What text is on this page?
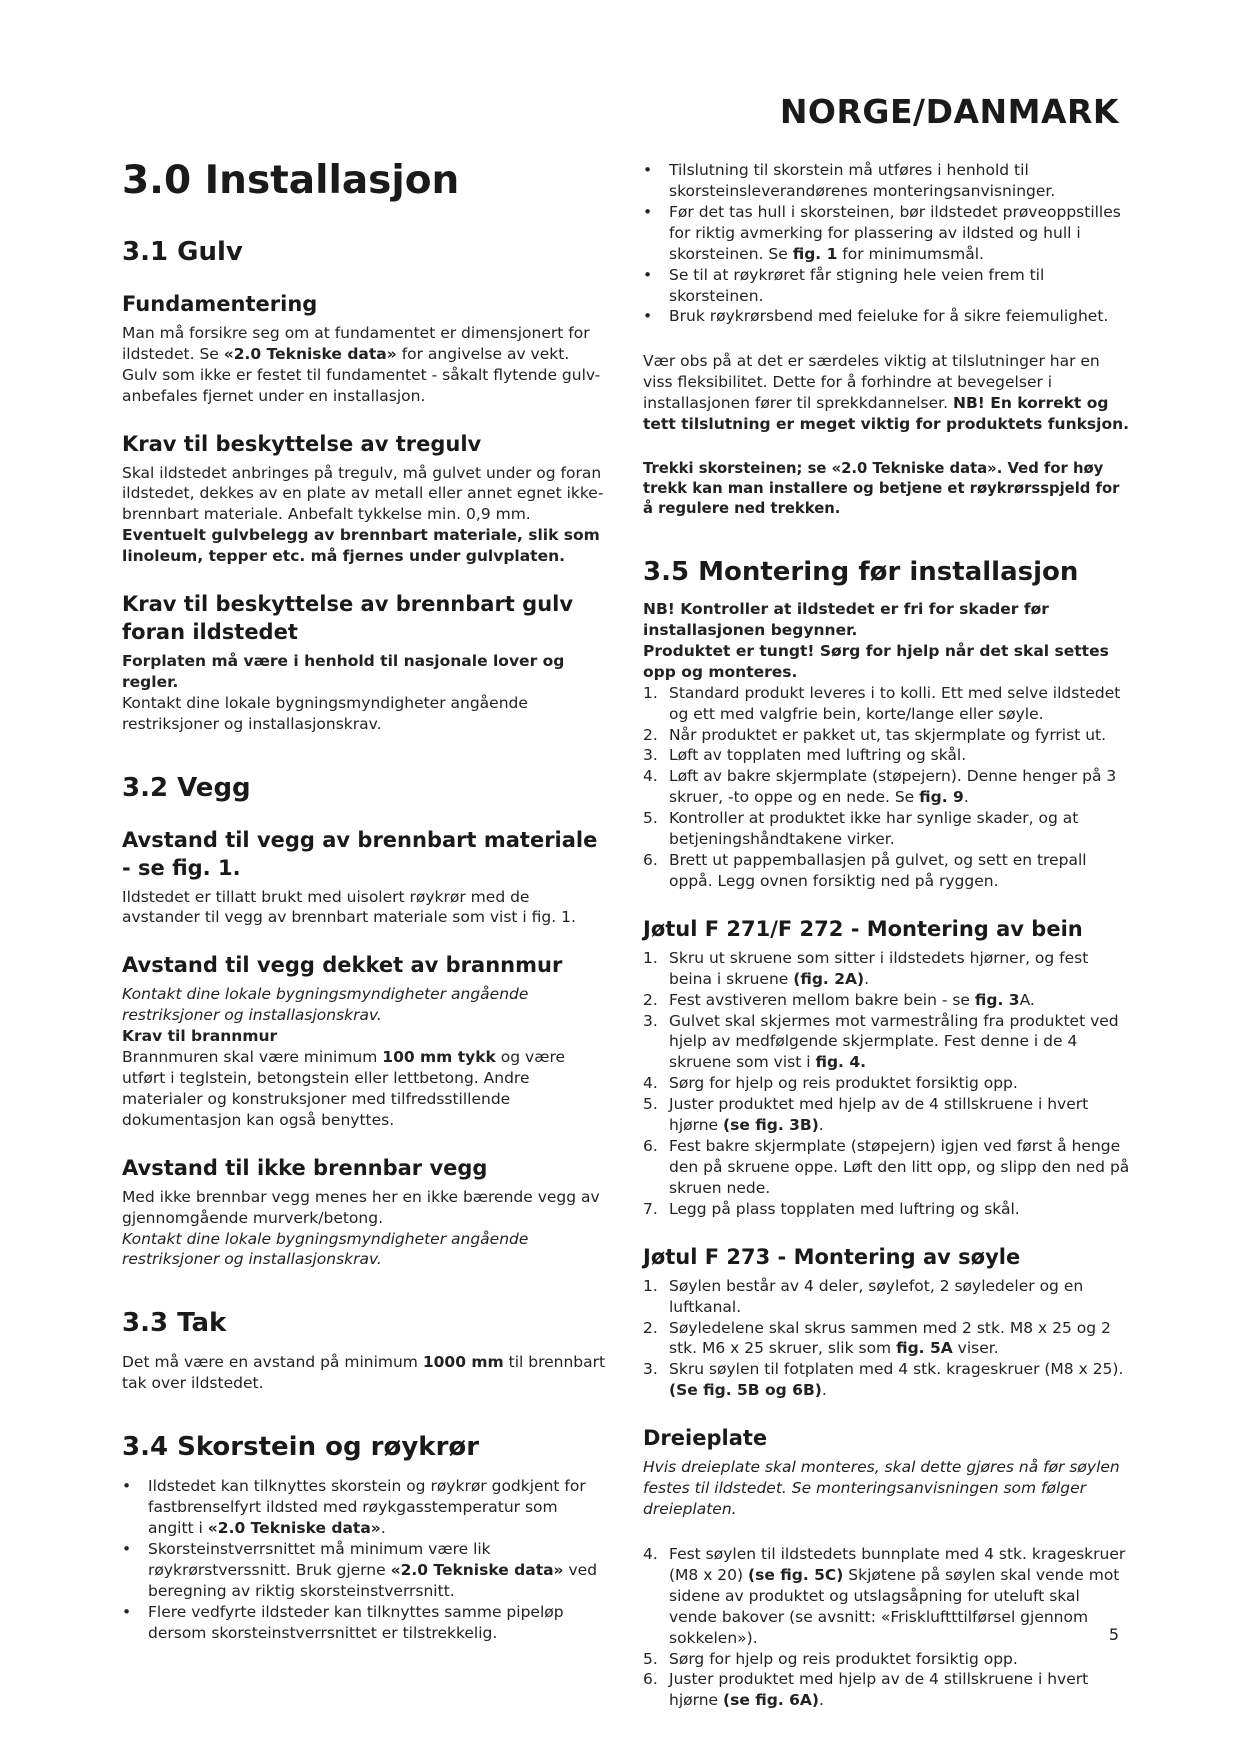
NORGE/DANMARK
3.0 Installasjon
3.1 Gulv
Fundamentering

Man må forsikre seg om at fundamentet er dimensjonert for ildstedet. Se «2.0 Tekniske data» for angivelse av vekt. Gulv som ikke er festet til fundamentet - såkalt flytende gulv- anbefales fjernet under en installasjon.

Krav til beskyttelse av tregulv

Skal ildstedet anbringes på tregulv, må gulvet under og foran ildstedet, dekkes av en plate av metall eller annet egnet ikke-brennbart materiale. Anbefalt tykkelse min. 0,9 mm.

Eventuelt gulvbelegg av brennbart materiale, slik som linoleum, tepper etc. må fjernes under gulvplaten.

Krav til beskyttelse av brennbart gulv foran ildstedet

Forplaten må være i henhold til nasjonale lover og regler.

Kontakt dine lokale bygningsmyndigheter angående restriksjoner og installasjonskrav.

3.2 Vegg
Avstand til vegg av brennbart materiale - se fig. 1.

Ildstedet er tillatt brukt med uisolert røykrør med de avstander til vegg av brennbart materiale som vist i fig. 1.

Avstand til vegg dekket av brannmur

Kontakt dine lokale bygningsmyndigheter angående restriksjoner og installasjonskrav.

Krav til brannmur

Brannmuren skal være minimum 100 mm tykk og være utført i teglstein, betongstein eller lettbetong. Andre materialer og konstruksjoner med tilfredsstillende dokumentasjon kan også benyttes.

Avstand til ikke brennbar vegg

Med ikke brennbar vegg menes her en ikke bærende vegg av gjennomgående murverk/betong.

Kontakt dine lokale bygningsmyndigheter angående restriksjoner og installasjonskrav.

3.3 Tak

Det må være en avstand på minimum 1000 mm til brennbart tak over ildstedet.

3.4 Skorstein og røykrør
•	Ildstedet kan tilknyttes skorstein og røykrør godkjent for fastbrenselfyrt ildsted med røykgasstemperatur som angitt i «2.0 Tekniske data».
•	Skorsteinstverrsnittet må minimum være lik røykrørstverssnitt. Bruk gjerne «2.0 Tekniske data» ved beregning av riktig skorsteinstverrsnitt.
•	Flere vedfyrte ildsteder kan tilknyttes samme pipeløp dersom skorsteinstverrsnittet er tilstrekkelig.
•	Tilslutning til skorstein må utføres i henhold til skorsteinsleverandørenes monteringsanvisninger.
•	Før det tas hull i skorsteinen, bør ildstedet prøveoppstilles for riktig avmerking for plassering av ildsted og hull i skorsteinen. Se fig. 1 for minimumsmål.
•	Se til at røykrøret får stigning hele veien frem til skorsteinen.
•	Bruk røykrørsbend med feieluke for å sikre feiemulighet.

Vær obs på at det er særdeles viktig at tilslutninger har en viss fleksibilitet. Dette for å forhindre at bevegelser i installasjonen fører til sprekkdannelser. NB! En korrekt og tett tilslutning er meget viktig for produktets funksjon.

Trekki skorsteinen; se «2.0 Tekniske data». Ved for høy trekk kan man installere og betjene et røykrørsspjeld for å regulere ned trekken.

3.5 Montering før installasjon

NB! Kontroller at ildstedet er fri for skader før installasjonen begynner.

Produktet er tungt! Sørg for hjelp når det skal settes opp og monteres.

1. Standard produkt leveres i to kolli. Ett med selve ildstedet og ett med valgfrie bein, korte/lange eller søyle.
2. Når produktet er pakket ut, tas skjermplate og fyrrist ut.
3. Løft av topplaten med luftring og skål.
4. Løft av bakre skjermplate (støpejern). Denne henger på 3 skruer, -to oppe og en nede. Se fig. 9.
5. Kontroller at produktet ikke har synlige skader, og at betjeningshåndtakene virker.
6. Brett ut pappemballasjen på gulvet, og sett en trepall oppå. Legg ovnen forsiktig ned på ryggen.
Jøtul F 271/F 272 - Montering av bein
1. Skru ut skruene som sitter i ildstedets hjørner, og fest beina i skruene (fig. 2A).
2. Fest avstiveren mellom bakre bein - se fig. 3A.
3. Gulvet skal skjermes mot varmestråling fra produktet ved hjelp av medfølgende skjermplate. Fest denne i de 4 skruene som vist i fig. 4.
4. Sørg for hjelp og reis produktet forsiktig opp.
5. Juster produktet med hjelp av de 4 stillskruene i hvert hjørne (se fig. 3B).
6. Fest bakre skjermplate (støpejern) igjen ved først å henge den på skruene oppe. Løft den litt opp, og slipp den ned på skruen nede.
7. Legg på plass topplaten med luftring og skål.
Jøtul F 273 - Montering av søyle
1. Søylen består av 4 deler, søylefot, 2 søyledeler og en luftkanal.
2. Søyledelene skal skrus sammen med 2 stk. M8 x 25 og 2 stk. M6 x 25 skruer, slik som fig. 5A viser.
3. Skru søylen til fotplaten med 4 stk. krageskruer (M8 x 25). (Se fig. 5B og 6B).
Dreieplate

Hvis dreieplate skal monteres, skal dette gjøres nå før søylen festes til ildstedet. Se monteringsanvisningen som følger dreieplaten.

4. Fest søylen til ildstedets bunnplate med 4 stk. krageskruer (M8 x 20) (se fig. 5C) Skjøtene på søylen skal vende mot sidene av produktet og utslagsåpning for uteluft skal vende bakover (se avsnitt: «Friskluftttilførsel gjennom sokkelen»).
5. Sørg for hjelp og reis produktet forsiktig opp.
6. Juster produktet med hjelp av de 4 stillskruene i hvert hjørne (se fig. 6A).
5
